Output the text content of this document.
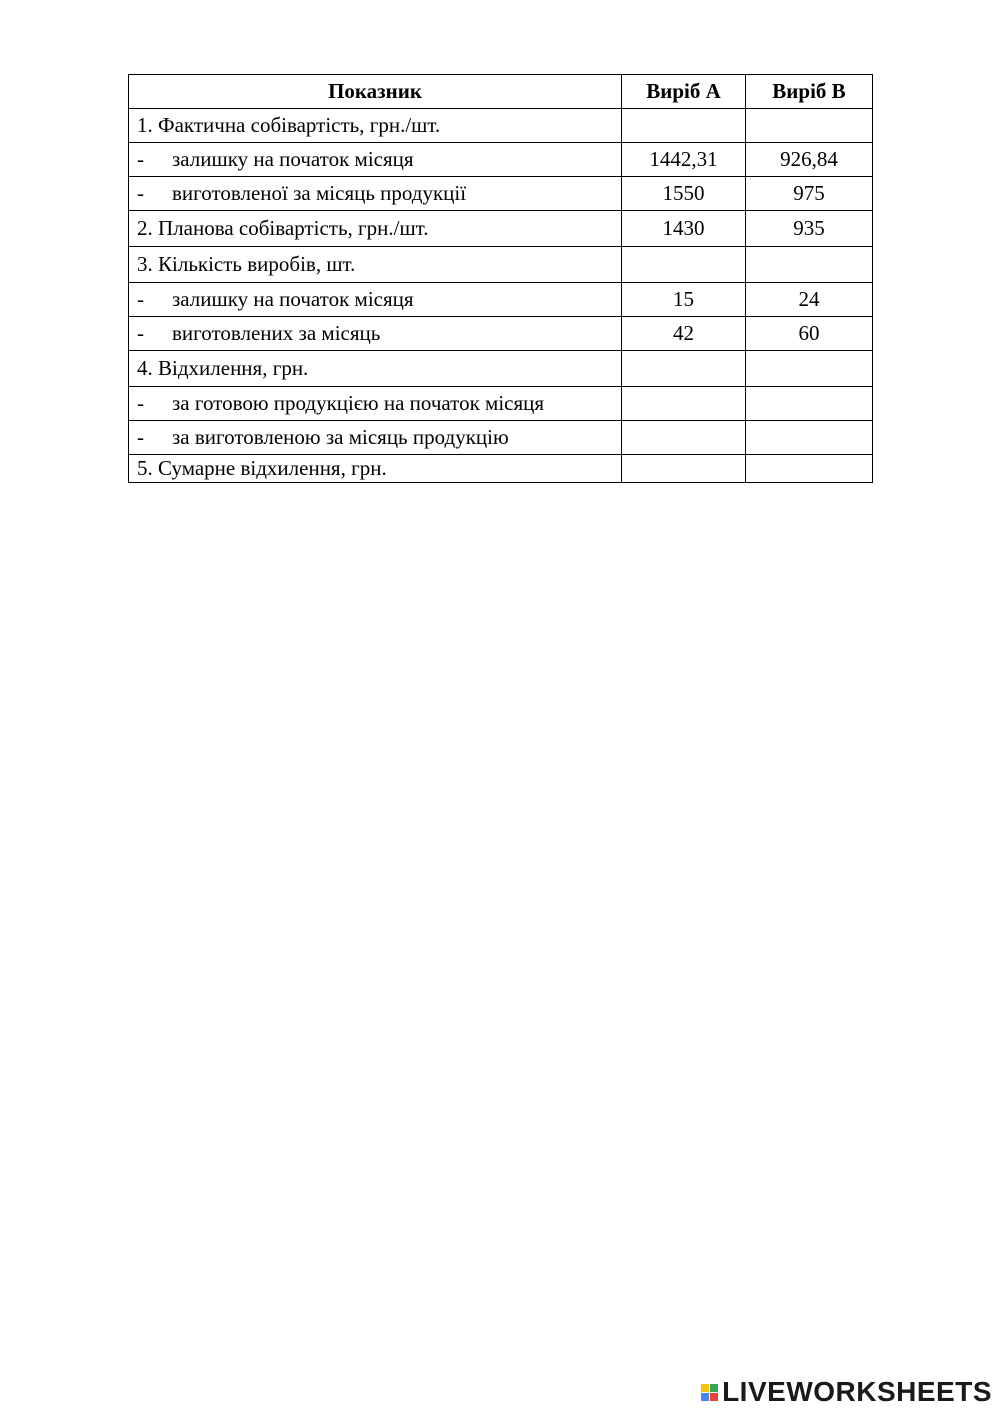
Показник	Виріб А	Виріб В
1. Фактична собівартість, грн./шт.		
- залишку на початок місяця	1442,31	926,84
- виготовленої за місяць продукції	1550	975
2. Планова собівартість, грн./шт.	1430	935
3. Кількість виробів, шт.		
- залишку на початок місяця	15	24
- виготовлених за місяць	42	60
4. Відхилення, грн.		
- за готовою продукцією на початок місяця		
- за виготовленою за місяць продукцію		
5. Сумарне відхилення, грн.		
LIVEWORKSHEETS
